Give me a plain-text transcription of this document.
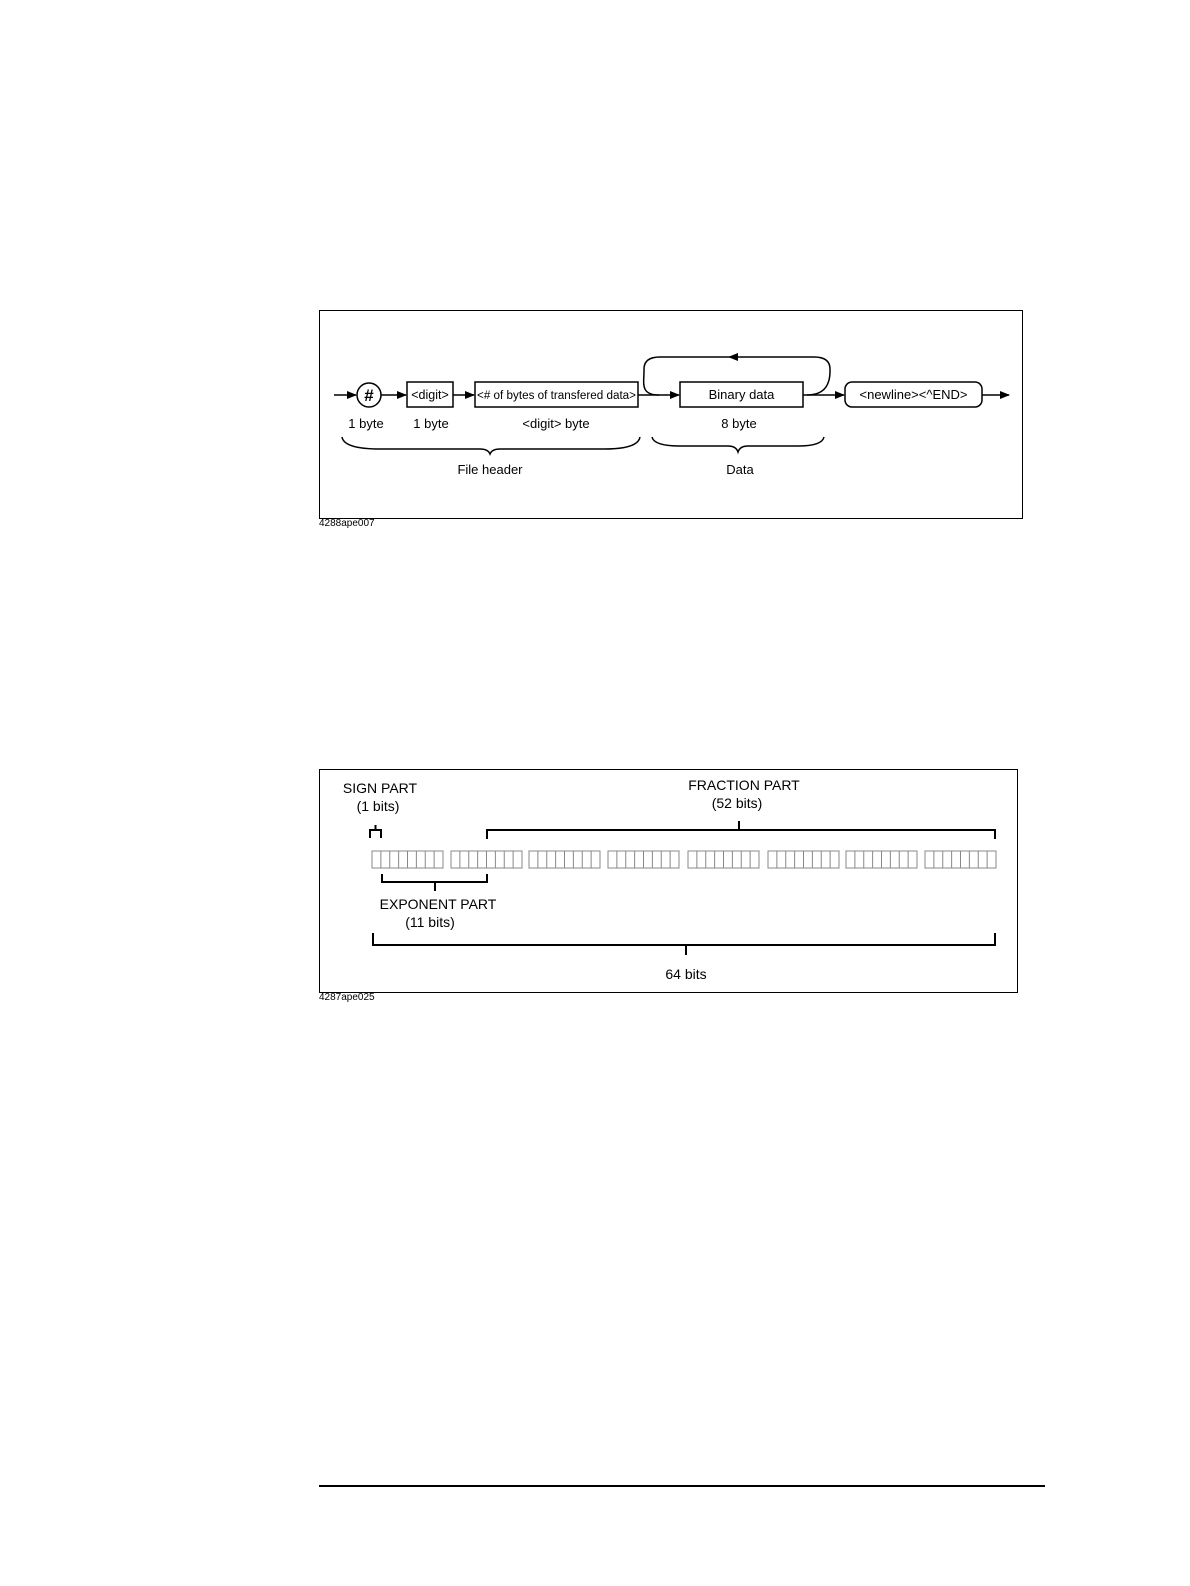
#	<digit> <# of bytes of transfered data>	Binary data	<newline><^END>
1 byte 1 byte	<digit> byte	8 byte
File header	Data
4288ape007
SIGN PART
(1 bits)
FRACTION PART
(52 bits)
EXPONENT PART
(11 bits)
64 bits
4287ape025
